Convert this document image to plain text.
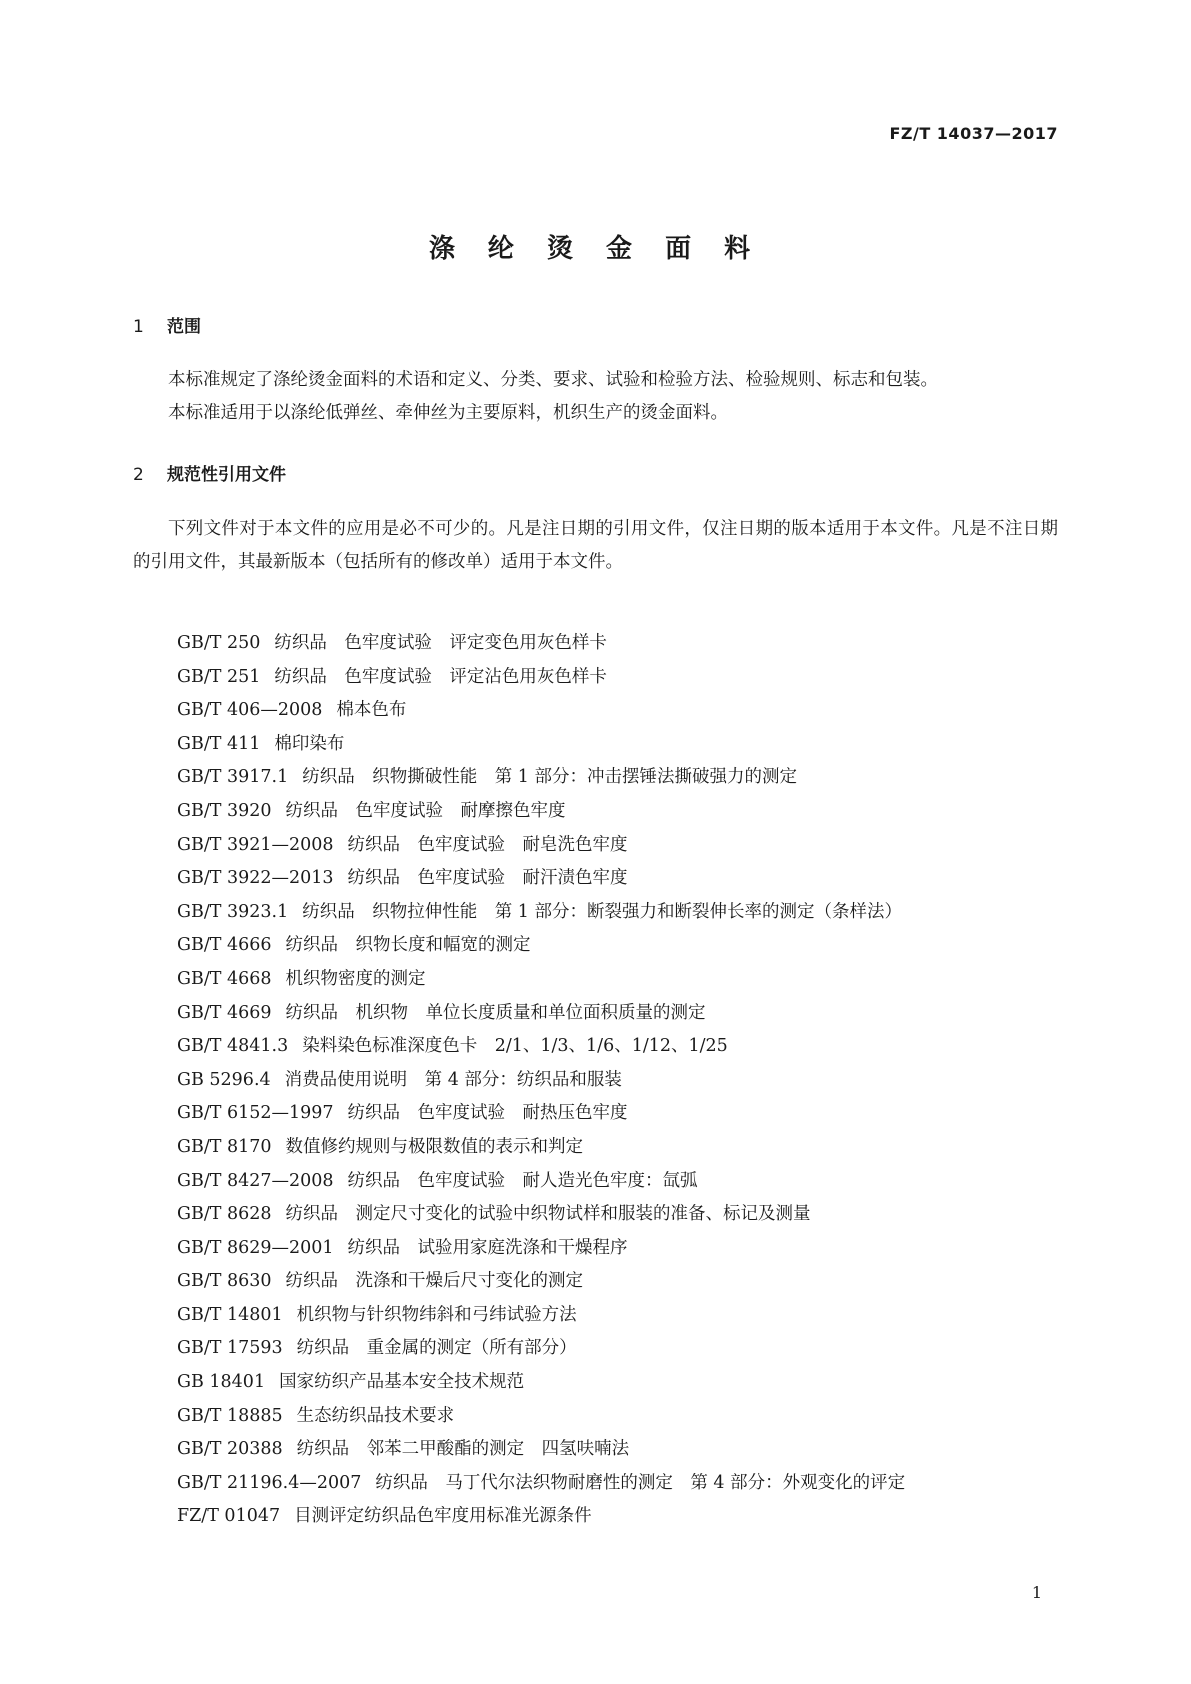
FZ/T 14037—2017
涤 纶 烫 金 面 料
1 范围

本标准规定了涤纶烫金面料的术语和定义、分类、要求、试验和检验方法、检验规则、标志和包装。

本标准适用于以涤纶低弹丝、牵伸丝为主要原料，机织生产的烫金面料。

2 规范性引用文件

下列文件对于本文件的应用是必不可少的。凡是注日期的引用文件，仅注日期的版本适用于本文件。凡是不注日期的引用文件，其最新版本（包括所有的修改单）适用于本文件。

GB/T 250 纺织品　色牢度试验　评定变色用灰色样卡
GB/T 251 纺织品　色牢度试验　评定沾色用灰色样卡
GB/T 406—2008 棉本色布
GB/T 411 棉印染布
GB/T 3917.1 纺织品　织物撕破性能　第 1 部分：冲击摆锤法撕破强力的测定
GB/T 3920 纺织品　色牢度试验　耐摩擦色牢度
GB/T 3921—2008 纺织品　色牢度试验　耐皂洗色牢度
GB/T 3922—2013 纺织品　色牢度试验　耐汗渍色牢度
GB/T 3923.1 纺织品　织物拉伸性能　第 1 部分：断裂强力和断裂伸长率的测定（条样法）
GB/T 4666 纺织品　织物长度和幅宽的测定
GB/T 4668 机织物密度的测定
GB/T 4669 纺织品　机织物　单位长度质量和单位面积质量的测定
GB/T 4841.3 染料染色标准深度色卡　2/1、1/3、1/6、1/12、1/25
GB 5296.4 消费品使用说明　第 4 部分：纺织品和服装
GB/T 6152—1997 纺织品　色牢度试验　耐热压色牢度
GB/T 8170 数值修约规则与极限数值的表示和判定
GB/T 8427—2008 纺织品　色牢度试验　耐人造光色牢度：氙弧
GB/T 8628 纺织品　测定尺寸变化的试验中织物试样和服装的准备、标记及测量
GB/T 8629—2001 纺织品　试验用家庭洗涤和干燥程序
GB/T 8630 纺织品　洗涤和干燥后尺寸变化的测定
GB/T 14801 机织物与针织物纬斜和弓纬试验方法
GB/T 17593 纺织品　重金属的测定（所有部分）
GB 18401 国家纺织产品基本安全技术规范
GB/T 18885 生态纺织品技术要求
GB/T 20388 纺织品　邻苯二甲酸酯的测定　四氢呋喃法
GB/T 21196.4—2007 纺织品　马丁代尔法织物耐磨性的测定　第 4 部分：外观变化的评定
FZ/T 01047 目测评定纺织品色牢度用标准光源条件
1
